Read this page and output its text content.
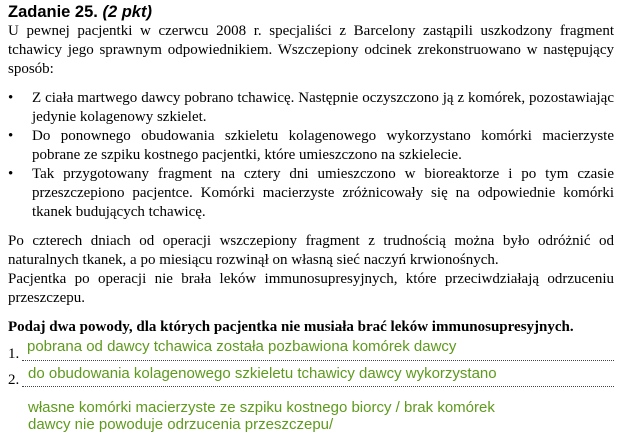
Zadanie 25. (2 pkt)

U pewnej pacjentki w czerwcu 2008 r. specjaliści z Barcelony zastąpili uszkodzony fragment tchawicy jego sprawnym odpowiednikiem. Wszczepiony odcinek zrekonstruowano w następujący sposób:

•	Z ciała martwego dawcy pobrano tchawicę. Następnie oczyszczono ją z komórek, pozostawiając jedynie kolagenowy szkielet.
•	Do ponownego obudowania szkieletu kolagenowego wykorzystano komórki macierzyste pobrane ze szpiku kostnego pacjentki, które umieszczono na szkielecie.
•	Tak przygotowany fragment na cztery dni umieszczono w bioreaktorze i po tym czasie przeszczepiono pacjentce. Komórki macierzyste zróżnicowały się na odpowiednie komórki tkanek budujących tchawicę.

Po czterech dniach od operacji wszczepiony fragment z trudnością można było odróżnić od naturalnych tkanek, a po miesiącu rozwinął on własną sieć naczyń krwionośnych.

Pacjentka po operacji nie brała leków immunosupresyjnych, które przeciwdziałają odrzuceniu przeszczepu.

Podaj dwa powody, dla których pacjentka nie musiała brać leków immunosupresyjnych.

1.
2.
pobrana od dawcy tchawica została pozbawiona komórek dawcy
do obudowania kolagenowego szkieletu tchawicy dawcy wykorzystano
własne komórki macierzyste ze szpiku kostnego biorcy / brak komórek
dawcy nie powoduje odrzucenia przeszczepu/
